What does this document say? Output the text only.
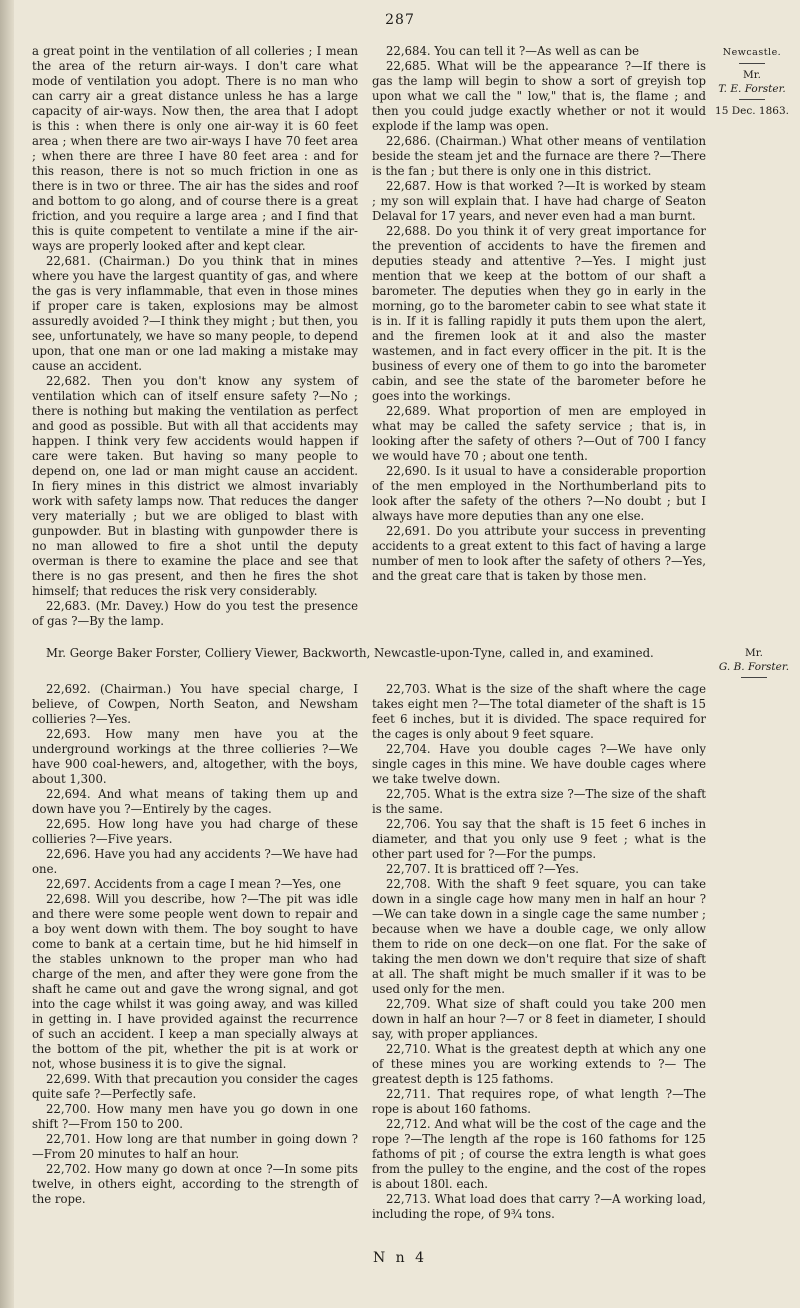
287

a great point in the ventilation of all colleries ; I mean the area of the return air-ways. I don't care what mode of ventilation you adopt. There is no man who can carry air a great distance unless he has a large capacity of air-ways. Now then, the area that I adopt is this : when there is only one air-way it is 60 feet area ; when there are two air-ways I have 70 feet area ; when there are three I have 80 feet area : and for this reason, there is not so much friction in one as there is in two or three. The air has the sides and roof and bottom to go along, and of course there is a great friction, and you require a large area ; and I find that this is quite competent to ventilate a mine if the air-ways are properly looked after and kept clear.

22,681. (Chairman.) Do you think that in mines where you have the largest quantity of gas, and where the gas is very inflammable, that even in those mines if proper care is taken, explosions may be almost assuredly avoided ?—I think they might ; but then, you see, unfortunately, we have so many people, to depend upon, that one man or one lad making a mistake may cause an accident.

22,682. Then you don't know any system of ventilation which can of itself ensure safety ?—No ; there is nothing but making the ventilation as perfect and good as possible. But with all that accidents may happen. I think very few accidents would happen if care were taken. But having so many people to depend on, one lad or man might cause an accident. In fiery mines in this district we almost invariably work with safety lamps now. That reduces the danger very materially ; but we are obliged to blast with gunpowder. But in blasting with gunpowder there is no man allowed to fire a shot until the deputy overman is there to examine the place and see that there is no gas present, and then he fires the shot himself; that reduces the risk very considerably.

22,683. (Mr. Davey.) How do you test the presence of gas ?—By the lamp.

22,684. You can tell it ?—As well as can be

22,685. What will be the appearance ?—If there is gas the lamp will begin to show a sort of greyish top upon what we call the " low," that is, the flame ; and then you could judge exactly whether or not it would explode if the lamp was open.

22,686. (Chairman.) What other means of ventilation beside the steam jet and the furnace are there ?—There is the fan ; but there is only one in this district.

22,687. How is that worked ?—It is worked by steam ; my son will explain that. I have had charge of Seaton Delaval for 17 years, and never even had a man burnt.

22,688. Do you think it of very great importance for the prevention of accidents to have the firemen and deputies steady and attentive ?—Yes. I might just mention that we keep at the bottom of our shaft a barometer. The deputies when they go in early in the morning, go to the barometer cabin to see what state it is in. If it is falling rapidly it puts them upon the alert, and the firemen look at it and also the master wastemen, and in fact every officer in the pit. It is the business of every one of them to go into the barometer cabin, and see the state of the barometer before he goes into the workings.

22,689. What proportion of men are employed in what may be called the safety service ; that is, in looking after the safety of others ?—Out of 700 I fancy we would have 70 ; about one tenth.

22,690. Is it usual to have a considerable proportion of the men employed in the Northumberland pits to look after the safety of the others ?—No doubt ; but I always have more deputies than any one else.

22,691. Do you attribute your success in preventing accidents to a great extent to this fact of having a large number of men to look after the safety of others ?—Yes, and the great care that is taken by those men.

Newcastle.
Mr.
T. E. Forster.
15 Dec. 1863.
Mr. George Baker Forster, Colliery Viewer, Backworth, Newcastle-upon-Tyne, called in, and examined.	Mr.
G. B. Forster.

22,692. (Chairman.) You have special charge, I believe, of Cowpen, North Seaton, and Newsham collieries ?—Yes.

22,693. How many men have you at the underground workings at the three collieries ?—We have 900 coal-hewers, and, altogether, with the boys, about 1,300.

22,694. And what means of taking them up and down have you ?—Entirely by the cages.

22,695. How long have you had charge of these collieries ?—Five years.

22,696. Have you had any accidents ?—We have had one.

22,697. Accidents from a cage I mean ?—Yes, one

22,698. Will you describe, how ?—The pit was idle and there were some people went down to repair and a boy went down with them. The boy sought to have come to bank at a certain time, but he hid himself in the stables unknown to the proper man who had charge of the men, and after they were gone from the shaft he came out and gave the wrong signal, and got into the cage whilst it was going away, and was killed in getting in. I have provided against the recurrence of such an accident. I keep a man specially always at the bottom of the pit, whether the pit is at work or not, whose business it is to give the signal.

22,699. With that precaution you consider the cages quite safe ?—Perfectly safe.

22,700. How many men have you go down in one shift ?—From 150 to 200.

22,701. How long are that number in going down ? —From 20 minutes to half an hour.

22,702. How many go down at once ?—In some pits twelve, in others eight, according to the strength of the rope.

22,703. What is the size of the shaft where the cage takes eight men ?—The total diameter of the shaft is 15 feet 6 inches, but it is divided. The space required for the cages is only about 9 feet square.

22,704. Have you double cages ?—We have only single cages in this mine. We have double cages where we take twelve down.

22,705. What is the extra size ?—The size of the shaft is the same.

22,706. You say that the shaft is 15 feet 6 inches in diameter, and that you only use 9 feet ; what is the other part used for ?—For the pumps.

22,707. It is bratticed off ?—Yes.

22,708. With the shaft 9 feet square, you can take down in a single cage how many men in half an hour ? —We can take down in a single cage the same number ; because when we have a double cage, we only allow them to ride on one deck—on one flat. For the sake of taking the men down we don't require that size of shaft at all. The shaft might be much smaller if it was to be used only for the men.

22,709. What size of shaft could you take 200 men down in half an hour ?—7 or 8 feet in diameter, I should say, with proper appliances.

22,710. What is the greatest depth at which any one of these mines you are working extends to ?— The greatest depth is 125 fathoms.

22,711. That requires rope, of what length ?—The rope is about 160 fathoms.

22,712. And what will be the cost of the cage and the rope ?—The length af the rope is 160 fathoms for 125 fathoms of pit ; of course the extra length is what goes from the pulley to the engine, and the cost of the ropes is about 180l. each.

22,713. What load does that carry ?—A working load, including the rope, of 9¾ tons.

N n 4
